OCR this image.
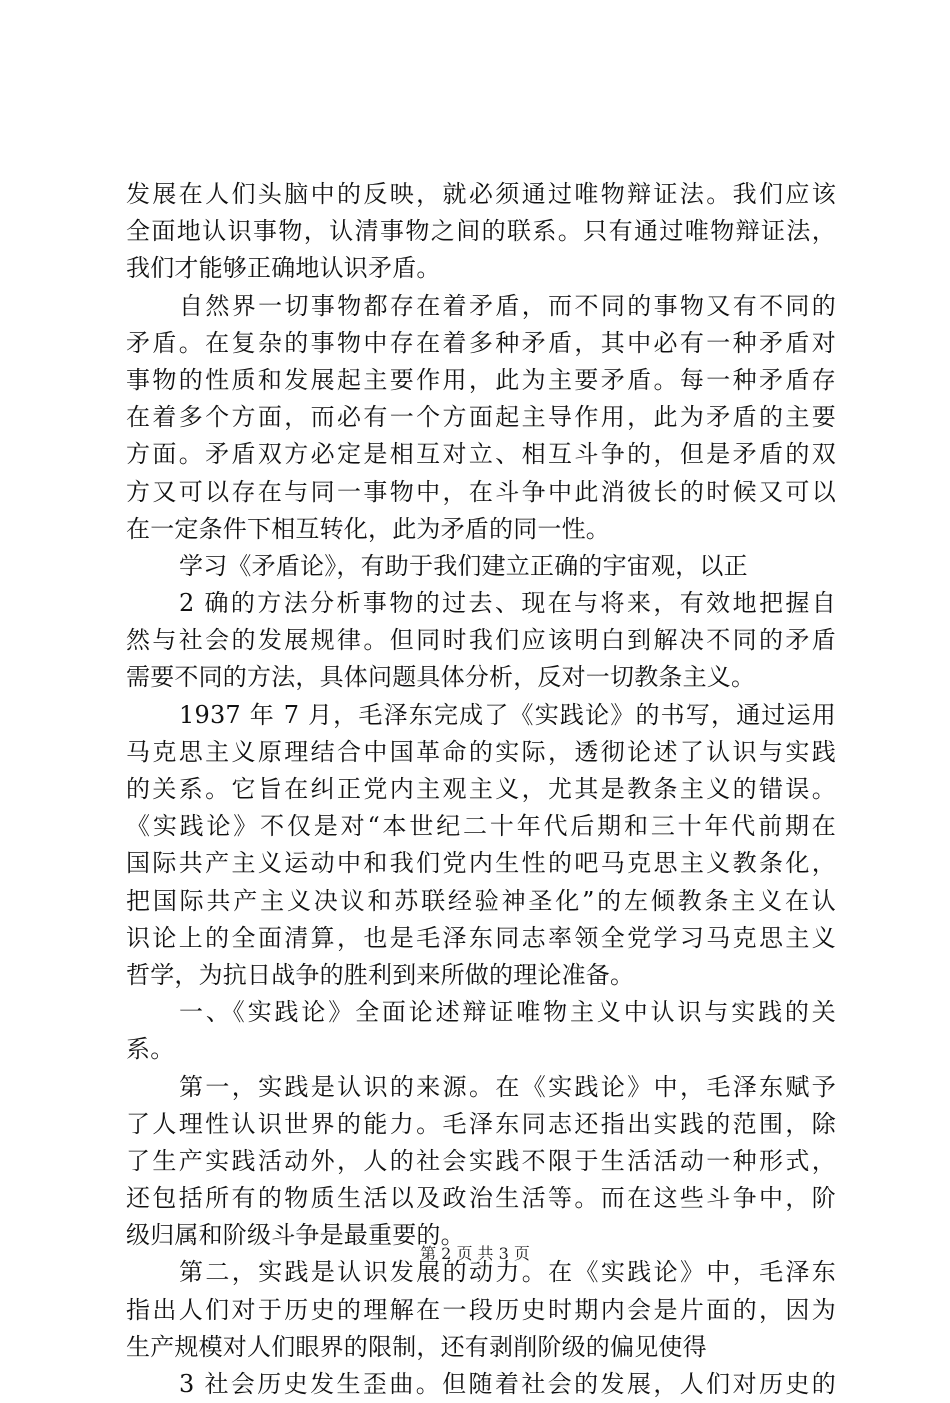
发展在人们头脑中的反映，就必须通过唯物辩证法。我们应该
全面地认识事物，认清事物之间的联系。只有通过唯物辩证法，
我们才能够正确地认识矛盾。
自然界一切事物都存在着矛盾，而不同的事物又有不同的
矛盾。在复杂的事物中存在着多种矛盾，其中必有一种矛盾对
事物的性质和发展起主要作用，此为主要矛盾。每一种矛盾存
在着多个方面，而必有一个方面起主导作用，此为矛盾的主要
方面。矛盾双方必定是相互对立、相互斗争的，但是矛盾的双
方又可以存在与同一事物中，在斗争中此消彼长的时候又可以
在一定条件下相互转化，此为矛盾的同一性。
学习《矛盾论》，有助于我们建立正确的宇宙观，以正
2 确的方法分析事物的过去、现在与将来，有效地把握自
然与社会的发展规律。但同时我们应该明白到解决不同的矛盾
需要不同的方法，具体问题具体分析，反对一切教条主义。
1937 年 7 月，毛泽东完成了《实践论》的书写，通过运用
马克思主义原理结合中国革命的实际，透彻论述了认识与实践
的关系。它旨在纠正党内主观主义，尤其是教条主义的错误。
《实践论》不仅是对“本世纪二十年代后期和三十年代前期在
国际共产主义运动中和我们党内生性的吧马克思主义教条化，
把国际共产主义决议和苏联经验神圣化”的左倾教条主义在认
识论上的全面清算，也是毛泽东同志率领全党学习马克思主义
哲学，为抗日战争的胜利到来所做的理论准备。
一、《实践论》全面论述辩证唯物主义中认识与实践的关
系。
第一，实践是认识的来源。在《实践论》中，毛泽东赋予
了人理性认识世界的能力。毛泽东同志还指出实践的范围，除
了生产实践活动外，人的社会实践不限于生活活动一种形式，
还包括所有的物质生活以及政治生活等。而在这些斗争中，阶
级归属和阶级斗争是最重要的。
第二，实践是认识发展的动力。在《实践论》中，毛泽东
指出人们对于历史的理解在一段历史时期内会是片面的，因为
生产规模对人们眼界的限制，还有剥削阶级的偏见使得
3 社会历史发生歪曲。但随着社会的发展，人们对历史的
第 2 页 共 3 页
